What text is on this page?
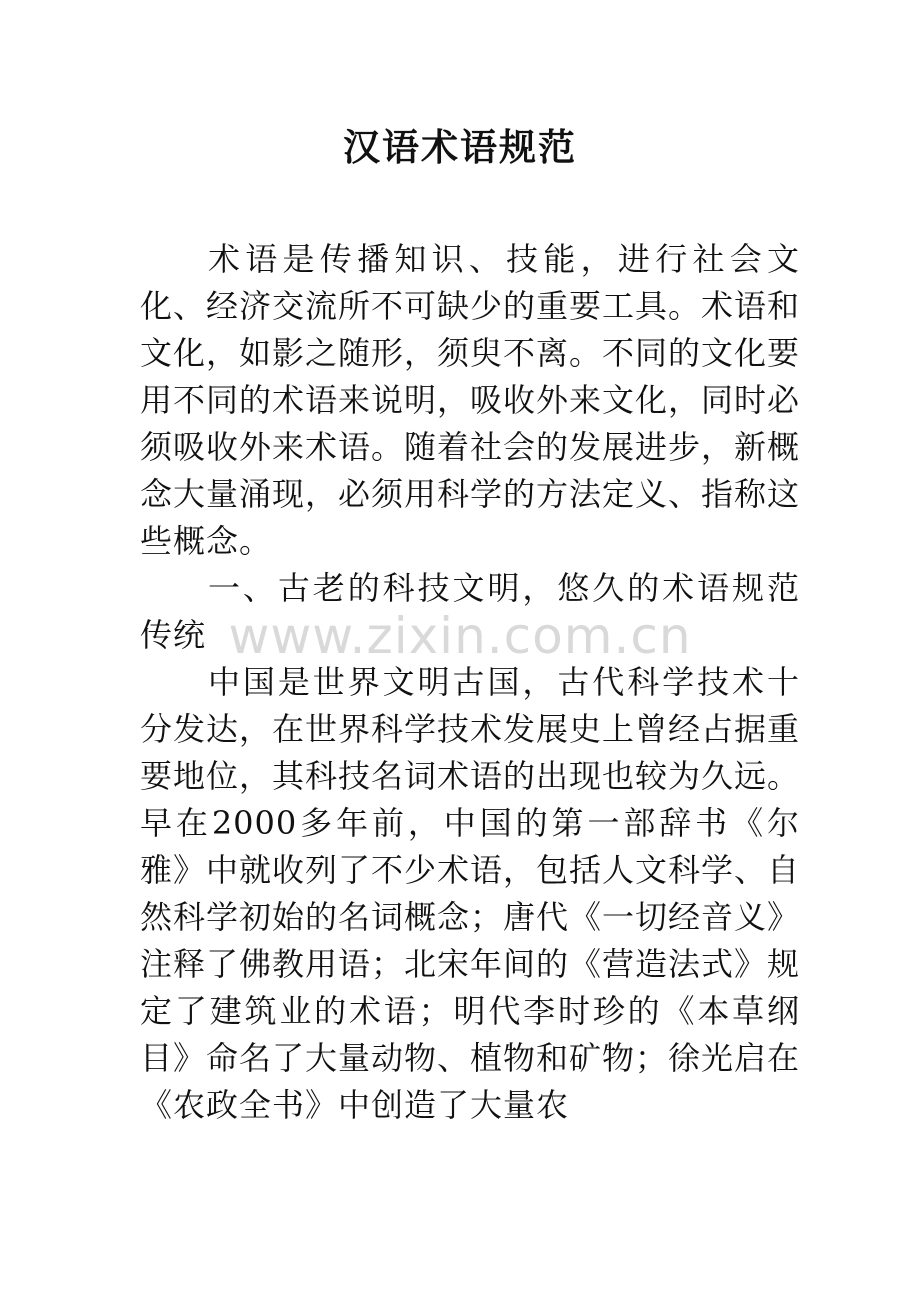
汉语术语规范
www.zixin.com.cn

术语是传播知识、技能，进行社会文化、经济交流所不可缺少的重要工具。术语和文化，如影之随形，须臾不离。不同的文化要用不同的术语来说明，吸收外来文化，同时必须吸收外来术语。随着社会的发展进步，新概念大量涌现，必须用科学的方法定义、指称这些概念。

一、古老的科技文明，悠久的术语规范传统

中国是世界文明古国，古代科学技术十分发达，在世界科学技术发展史上曾经占据重要地位，其科技名词术语的出现也较为久远。早在2000多年前，中国的第一部辞书《尔雅》中就收列了不少术语，包括人文科学、自然科学初始的名词概念；唐代《一切经音义》注释了佛教用语；北宋年间的《营造法式》规定了建筑业的术语；明代李时珍的《本草纲目》命名了大量动物、植物和矿物；徐光启在《农政全书》中创造了大量农
